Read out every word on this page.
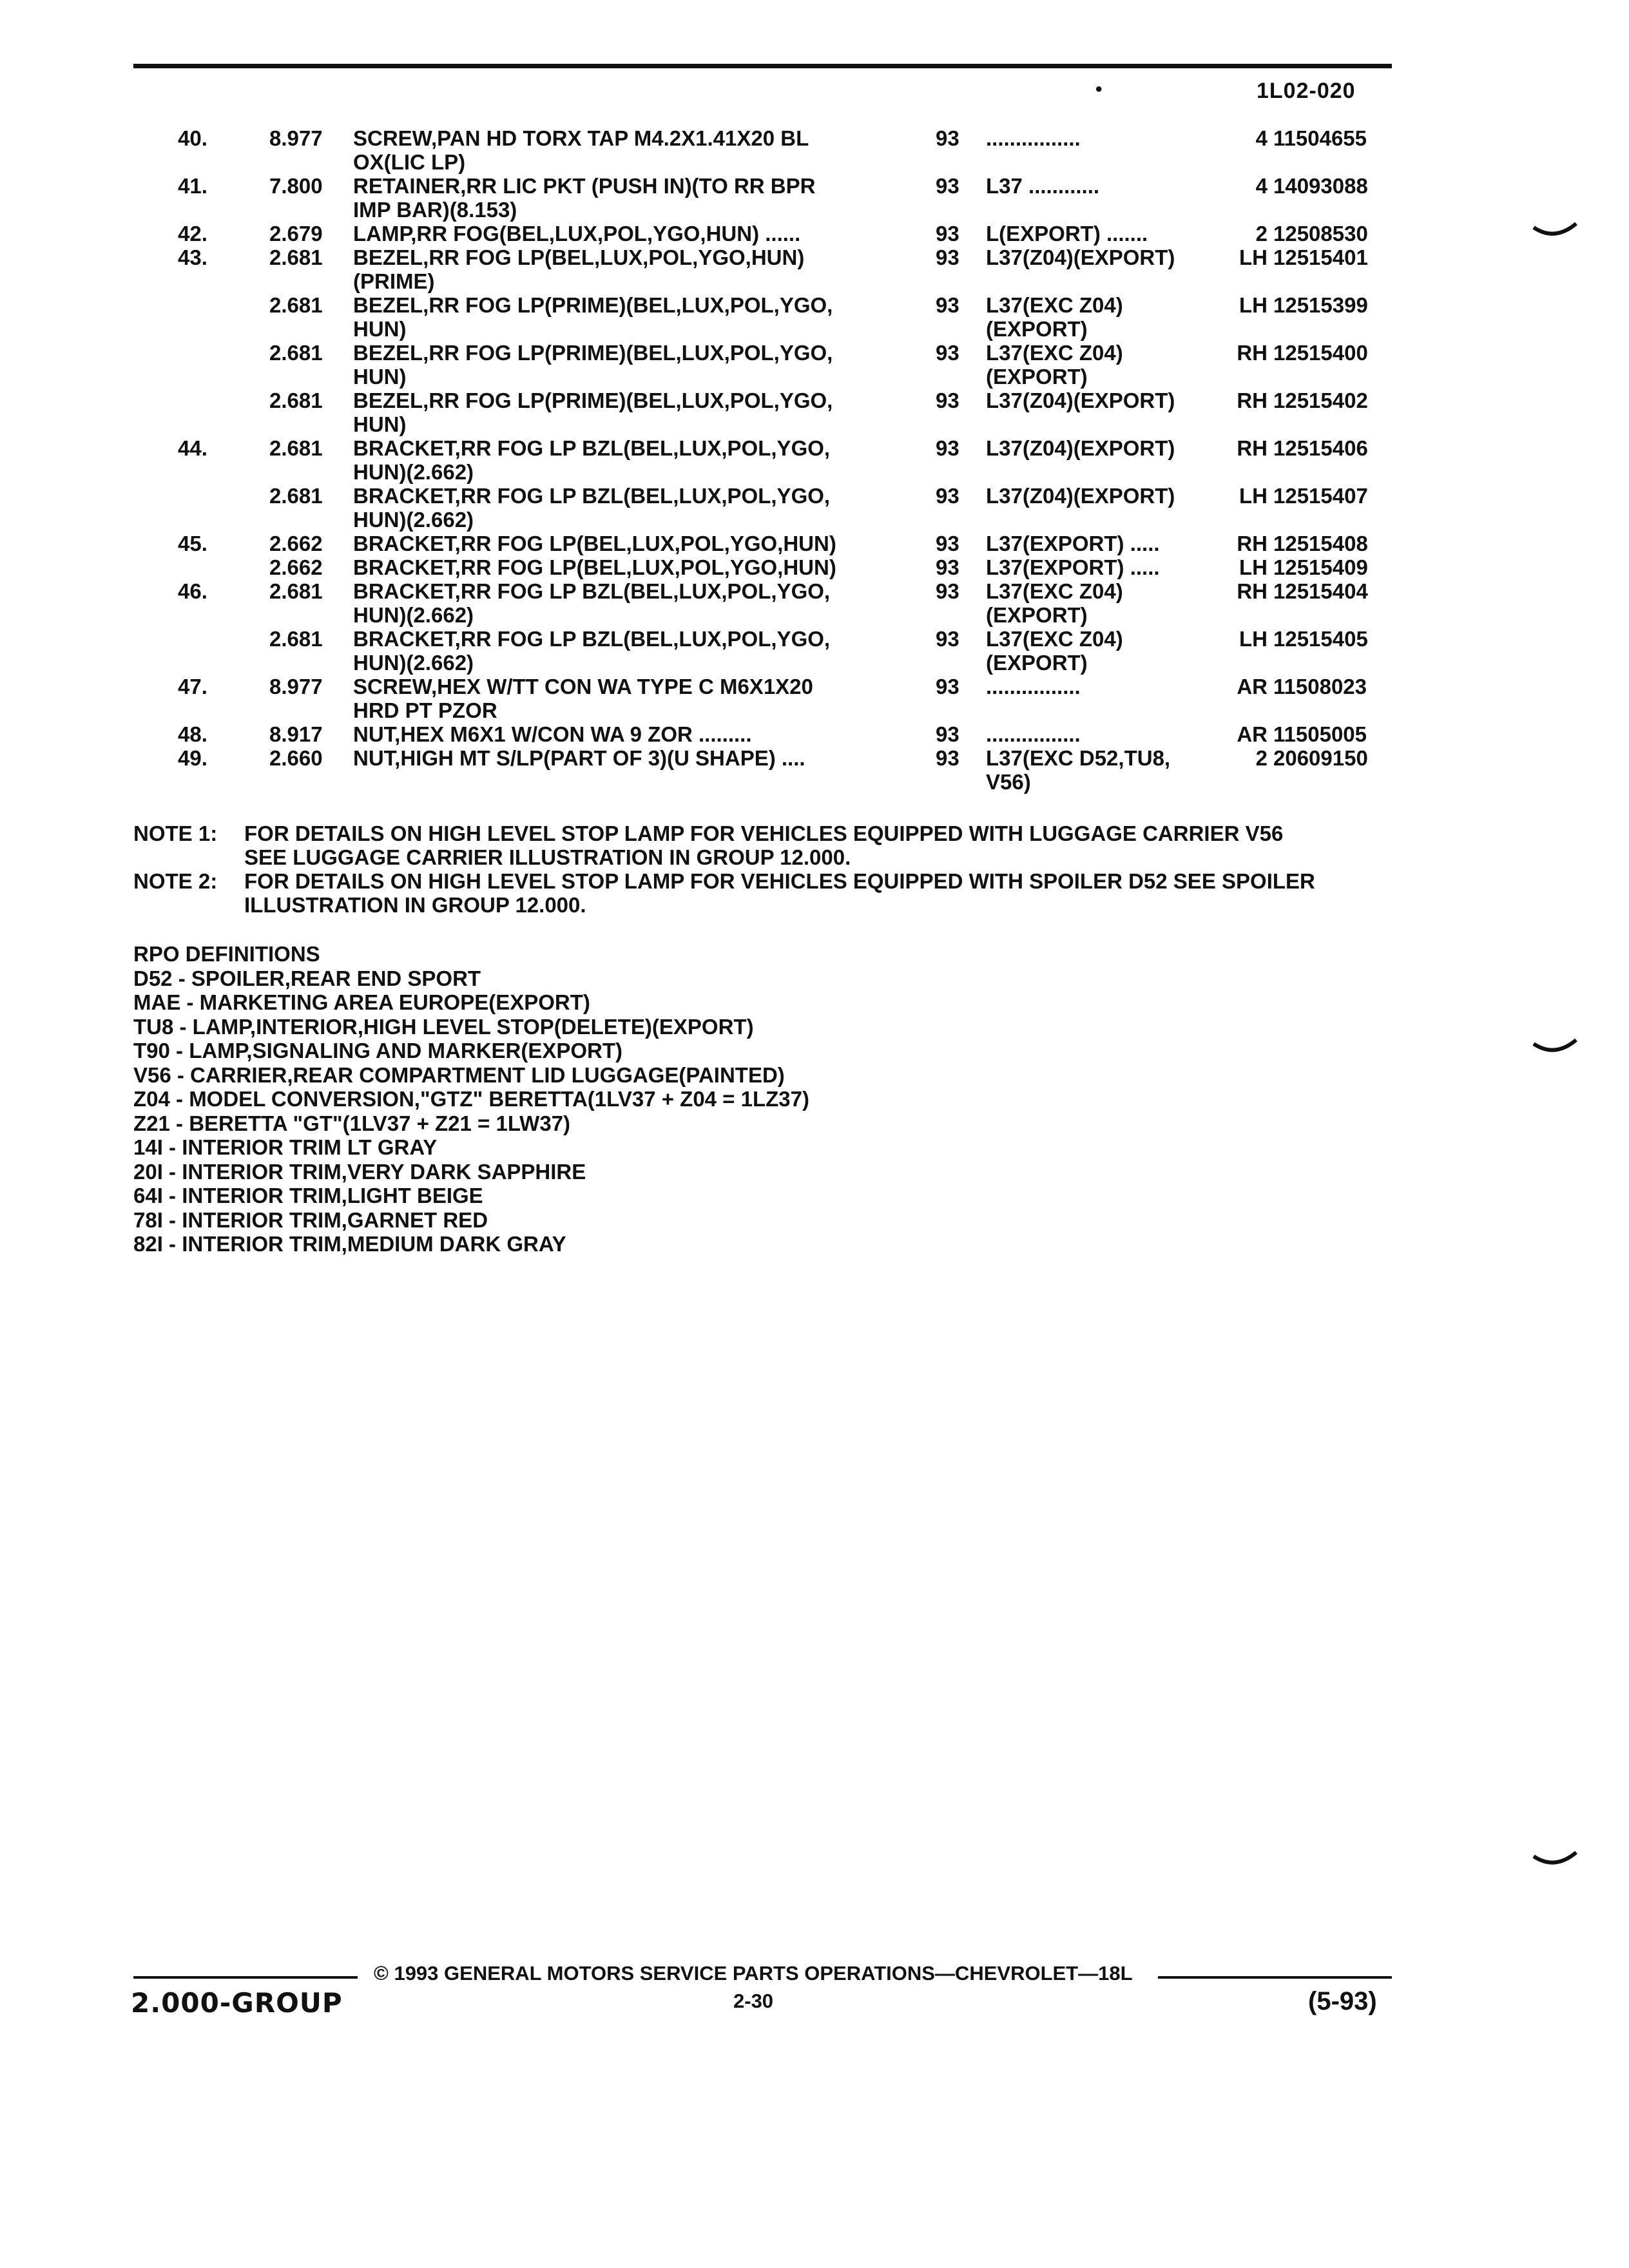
•	1L02-020
40.	8.977 SCREW,PAN HD TORX TAP M4.2X1.41X20 BL	93 ................	4 11504655
OX(LIC LP)
41.	7.800 RETAINER,RR LIC PKT (PUSH IN)(TO RR BPR	93 L37 ............	4 14093088
IMP BAR)(8.153)
42.	2.679 LAMP,RR FOG(BEL,LUX,POL,YGO,HUN) ......	93 L(EXPORT) .......	2 12508530
43.	2.681 BEZEL,RR FOG LP(BEL,LUX,POL,YGO,HUN)	93 L37(Z04)(EXPORT)	LH 12515401
(PRIME)
2.681 BEZEL,RR FOG LP(PRIME)(BEL,LUX,POL,YGO,	93 L37(EXC Z04)	LH 12515399
HUN)	(EXPORT)
2.681 BEZEL,RR FOG LP(PRIME)(BEL,LUX,POL,YGO,	93 L37(EXC Z04)	RH 12515400
HUN)	(EXPORT)
2.681 BEZEL,RR FOG LP(PRIME)(BEL,LUX,POL,YGO,	93 L37(Z04)(EXPORT)	RH 12515402
HUN)
44.	2.681 BRACKET,RR FOG LP BZL(BEL,LUX,POL,YGO,	93 L37(Z04)(EXPORT)	RH 12515406
HUN)(2.662)
2.681 BRACKET,RR FOG LP BZL(BEL,LUX,POL,YGO,	93 L37(Z04)(EXPORT)	LH 12515407
HUN)(2.662)
45.	2.662 BRACKET,RR FOG LP(BEL,LUX,POL,YGO,HUN)	93 L37(EXPORT) .....	RH 12515408
2.662 BRACKET,RR FOG LP(BEL,LUX,POL,YGO,HUN)	93 L37(EXPORT) .....	LH 12515409
46.	2.681 BRACKET,RR FOG LP BZL(BEL,LUX,POL,YGO,	93 L37(EXC Z04)	RH 12515404
HUN)(2.662)	(EXPORT)
2.681 BRACKET,RR FOG LP BZL(BEL,LUX,POL,YGO,	93 L37(EXC Z04)	LH 12515405
HUN)(2.662)	(EXPORT)
47.	8.977 SCREW,HEX W/TT CON WA TYPE C M6X1X20	93 ................	AR 11508023
HRD PT PZOR
48.	8.917 NUT,HEX M6X1 W/CON WA 9 ZOR .........	93 ................	AR 11505005
49.	2.660 NUT,HIGH MT S/LP(PART OF 3)(U SHAPE) ....	93 L37(EXC D52,TU8,	2 20609150
V56)
NOTE 1: FOR DETAILS ON HIGH LEVEL STOP LAMP FOR VEHICLES EQUIPPED WITH LUGGAGE CARRIER V56
SEE LUGGAGE CARRIER ILLUSTRATION IN GROUP 12.000.
NOTE 2: FOR DETAILS ON HIGH LEVEL STOP LAMP FOR VEHICLES EQUIPPED WITH SPOILER D52 SEE SPOILER
ILLUSTRATION IN GROUP 12.000.
RPO DEFINITIONS
D52 - SPOILER,REAR END SPORT
MAE - MARKETING AREA EUROPE(EXPORT)
TU8 - LAMP,INTERIOR,HIGH LEVEL STOP(DELETE)(EXPORT)
T90 - LAMP,SIGNALING AND MARKER(EXPORT)
V56 - CARRIER,REAR COMPARTMENT LID LUGGAGE(PAINTED)
Z04 - MODEL CONVERSION,"GTZ" BERETTA(1LV37 + Z04 = 1LZ37)
Z21 - BERETTA "GT"(1LV37 + Z21 = 1LW37)
14I - INTERIOR TRIM LT GRAY
20I - INTERIOR TRIM,VERY DARK SAPPHIRE
64I - INTERIOR TRIM,LIGHT BEIGE
78I - INTERIOR TRIM,GARNET RED
82I - INTERIOR TRIM,MEDIUM DARK GRAY
© 1993 GENERAL MOTORS SERVICE PARTS OPERATIONS—CHEVROLET—18L
2.000-GROUP	2-30	(5-93)
